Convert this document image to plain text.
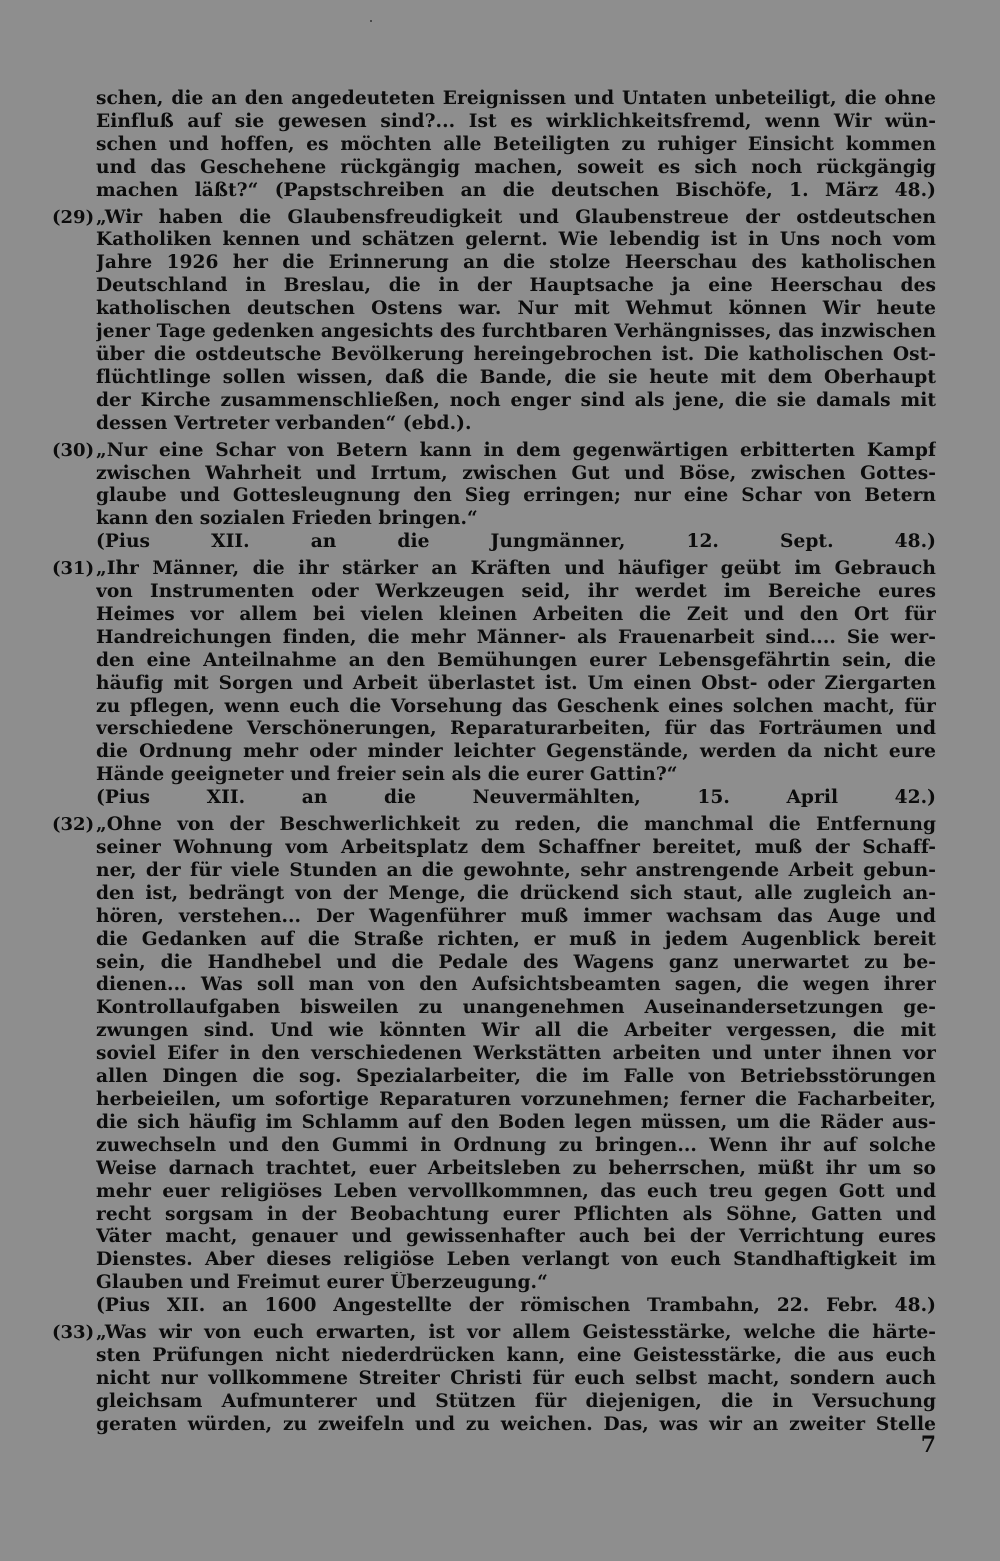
schen, die an den angedeuteten Ereignissen und Untaten unbeteiligt, die ohne
Einfluß auf sie gewesen sind?... Ist es wirklichkeitsfremd, wenn Wir wün-
schen und hoffen, es möchten alle Beteiligten zu ruhiger Einsicht kommen
und das Geschehene rückgängig machen, soweit es sich noch rückgängig
machen läßt?“ (Papstschreiben an die deutschen Bischöfe, 1. März 48.)
(29) „Wir haben die Glaubensfreudigkeit und Glaubenstreue der ostdeutschen
Katholiken kennen und schätzen gelernt. Wie lebendig ist in Uns noch vom
Jahre 1926 her die Erinnerung an die stolze Heerschau des katholischen
Deutschland in Breslau, die in der Hauptsache ja eine Heerschau des
katholischen deutschen Ostens war. Nur mit Wehmut können Wir heute
jener Tage gedenken angesichts des furchtbaren Verhängnisses, das inzwischen
über die ostdeutsche Bevölkerung hereingebrochen ist. Die katholischen Ost-
flüchtlinge sollen wissen, daß die Bande, die sie heute mit dem Oberhaupt
der Kirche zusammenschließen, noch enger sind als jene, die sie damals mit
dessen Vertreter verbanden“ (ebd.).
(30) „Nur eine Schar von Betern kann in dem gegenwärtigen erbitterten Kampf
zwischen Wahrheit und Irrtum, zwischen Gut und Böse, zwischen Gottes-
glaube und Gottesleugnung den Sieg erringen; nur eine Schar von Betern
kann den sozialen Frieden bringen.“
(Pius XII. an die Jungmänner, 12. Sept. 48.)
(31) „Ihr Männer, die ihr stärker an Kräften und häufiger geübt im Gebrauch
von Instrumenten oder Werkzeugen seid, ihr werdet im Bereiche eures
Heimes vor allem bei vielen kleinen Arbeiten die Zeit und den Ort für
Handreichungen finden, die mehr Männer- als Frauenarbeit sind.... Sie wer-
den eine Anteilnahme an den Bemühungen eurer Lebensgefährtin sein, die
häufig mit Sorgen und Arbeit überlastet ist. Um einen Obst- oder Ziergarten
zu pflegen, wenn euch die Vorsehung das Geschenk eines solchen macht, für
verschiedene Verschönerungen, Reparaturarbeiten, für das Forträumen und
die Ordnung mehr oder minder leichter Gegenstände, werden da nicht eure
Hände geeigneter und freier sein als die eurer Gattin?“
(Pius XII. an die Neuvermählten, 15. April 42.)
(32) „Ohne von der Beschwerlichkeit zu reden, die manchmal die Entfernung
seiner Wohnung vom Arbeitsplatz dem Schaffner bereitet, muß der Schaff-
ner, der für viele Stunden an die gewohnte, sehr anstrengende Arbeit gebun-
den ist, bedrängt von der Menge, die drückend sich staut, alle zugleich an-
hören, verstehen... Der Wagenführer muß immer wachsam das Auge und
die Gedanken auf die Straße richten, er muß in jedem Augenblick bereit
sein, die Handhebel und die Pedale des Wagens ganz unerwartet zu be-
dienen... Was soll man von den Aufsichtsbeamten sagen, die wegen ihrer
Kontrollaufgaben bisweilen zu unangenehmen Auseinandersetzungen ge-
zwungen sind. Und wie könnten Wir all die Arbeiter vergessen, die mit
soviel Eifer in den verschiedenen Werkstätten arbeiten und unter ihnen vor
allen Dingen die sog. Spezialarbeiter, die im Falle von Betriebsstörungen
herbeieilen, um sofortige Reparaturen vorzunehmen; ferner die Facharbeiter,
die sich häufig im Schlamm auf den Boden legen müssen, um die Räder aus-
zuwechseln und den Gummi in Ordnung zu bringen... Wenn ihr auf solche
Weise darnach trachtet, euer Arbeitsleben zu beherrschen, müßt ihr um so
mehr euer religiöses Leben vervollkommnen, das euch treu gegen Gott und
recht sorgsam in der Beobachtung eurer Pflichten als Söhne, Gatten und
Väter macht, genauer und gewissenhafter auch bei der Verrichtung eures
Dienstes. Aber dieses religiöse Leben verlangt von euch Standhaftigkeit im
Glauben und Freimut eurer Überzeugung.“
(Pius XII. an 1600 Angestellte der römischen Trambahn, 22. Febr. 48.)
(33) „Was wir von euch erwarten, ist vor allem Geistesstärke, welche die härte-
sten Prüfungen nicht niederdrücken kann, eine Geistesstärke, die aus euch
nicht nur vollkommene Streiter Christi für euch selbst macht, sondern auch
gleichsam Aufmunterer und Stützen für diejenigen, die in Versuchung
geraten würden, zu zweifeln und zu weichen. Das, was wir an zweiter Stelle
7
